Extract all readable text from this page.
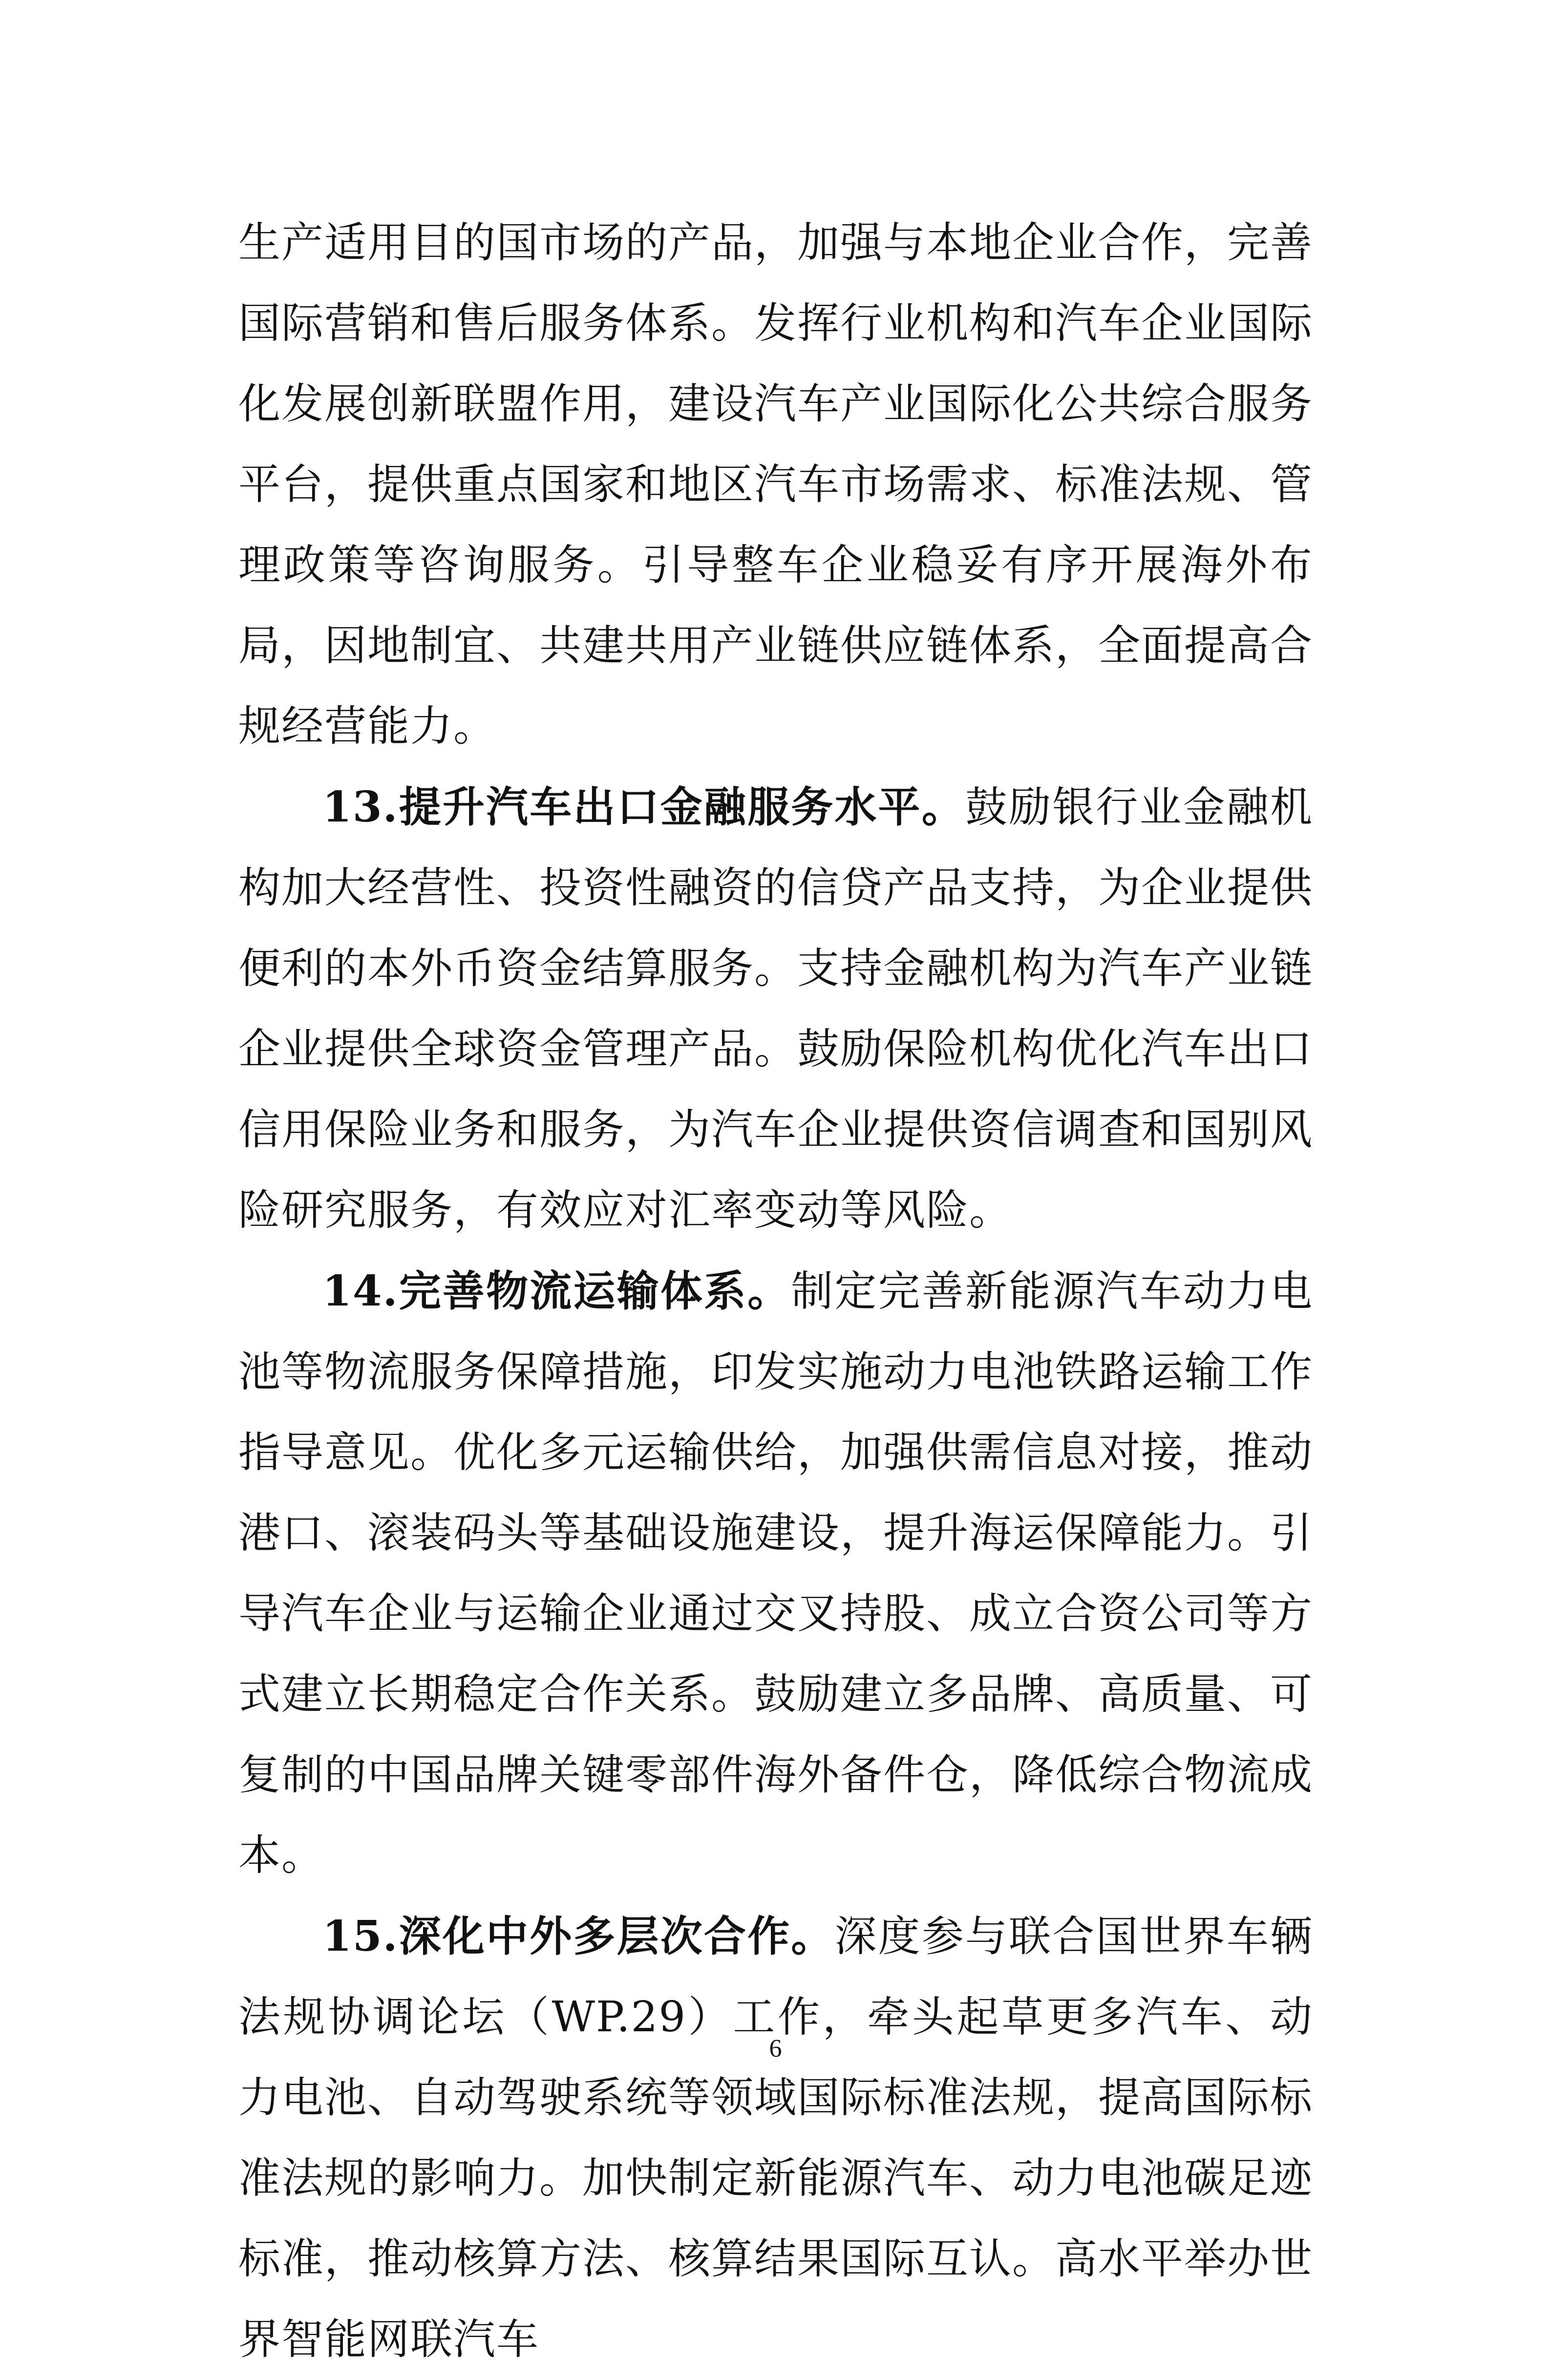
生产适用目的国市场的产品，加强与本地企业合作，完善国际营销和售后服务体系。发挥行业机构和汽车企业国际化发展创新联盟作用，建设汽车产业国际化公共综合服务平台，提供重点国家和地区汽车市场需求、标准法规、管理政策等咨询服务。引导整车企业稳妥有序开展海外布局，因地制宜、共建共用产业链供应链体系，全面提高合规经营能力。

13.提升汽车出口金融服务水平。鼓励银行业金融机构加大经营性、投资性融资的信贷产品支持，为企业提供便利的本外币资金结算服务。支持金融机构为汽车产业链企业提供全球资金管理产品。鼓励保险机构优化汽车出口信用保险业务和服务，为汽车企业提供资信调查和国别风险研究服务，有效应对汇率变动等风险。

14.完善物流运输体系。制定完善新能源汽车动力电池等物流服务保障措施，印发实施动力电池铁路运输工作指导意见。优化多元运输供给，加强供需信息对接，推动港口、滚装码头等基础设施建设，提升海运保障能力。引导汽车企业与运输企业通过交叉持股、成立合资公司等方式建立长期稳定合作关系。鼓励建立多品牌、高质量、可复制的中国品牌关键零部件海外备件仓，降低综合物流成本。

15.深化中外多层次合作。深度参与联合国世界车辆法规协调论坛（WP.29）工作，牵头起草更多汽车、动力电池、自动驾驶系统等领域国际标准法规，提高国际标准法规的影响力。加快制定新能源汽车、动力电池碳足迹标准，推动核算方法、核算结果国际互认。高水平举办世界智能网联汽车

6
